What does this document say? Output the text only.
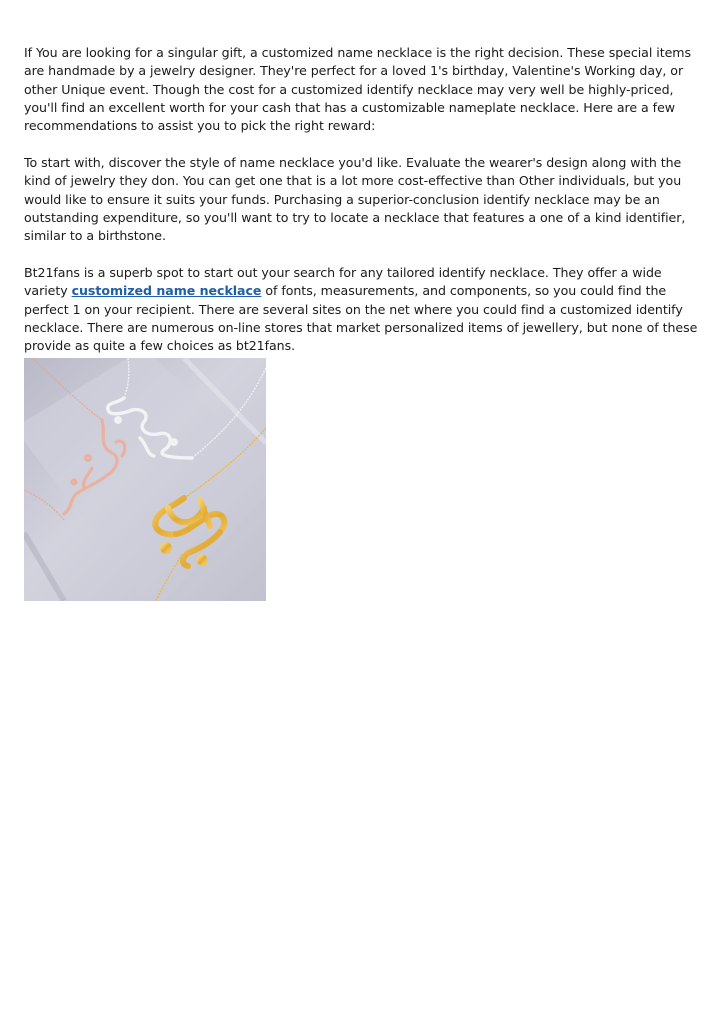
If You are looking for a singular gift, a customized name necklace is the right decision. These special items are handmade by a jewelry designer. They're perfect for a loved 1's birthday, Valentine's Working day, or other Unique event. Though the cost for a customized identify necklace may very well be highly-priced, you'll find an excellent worth for your cash that has a customizable nameplate necklace. Here are a few recommendations to assist you to pick the right reward:

To start with, discover the style of name necklace you'd like. Evaluate the wearer's design along with the kind of jewelry they don. You can get one that is a lot more cost-effective than Other individuals, but you would like to ensure it suits your funds. Purchasing a superior-conclusion identify necklace may be an outstanding expenditure, so you'll want to try to locate a necklace that features a one of a kind identifier, similar to a birthstone.

Bt21fans is a superb spot to start out your search for any tailored identify necklace. They offer a wide variety customized name necklace of fonts, measurements, and components, so you could find the perfect 1 on your recipient. There are several sites on the net where you could find a customized identify necklace. There are numerous on-line stores that market personalized items of jewellery, but none of these provide as quite a few choices as bt21fans.
